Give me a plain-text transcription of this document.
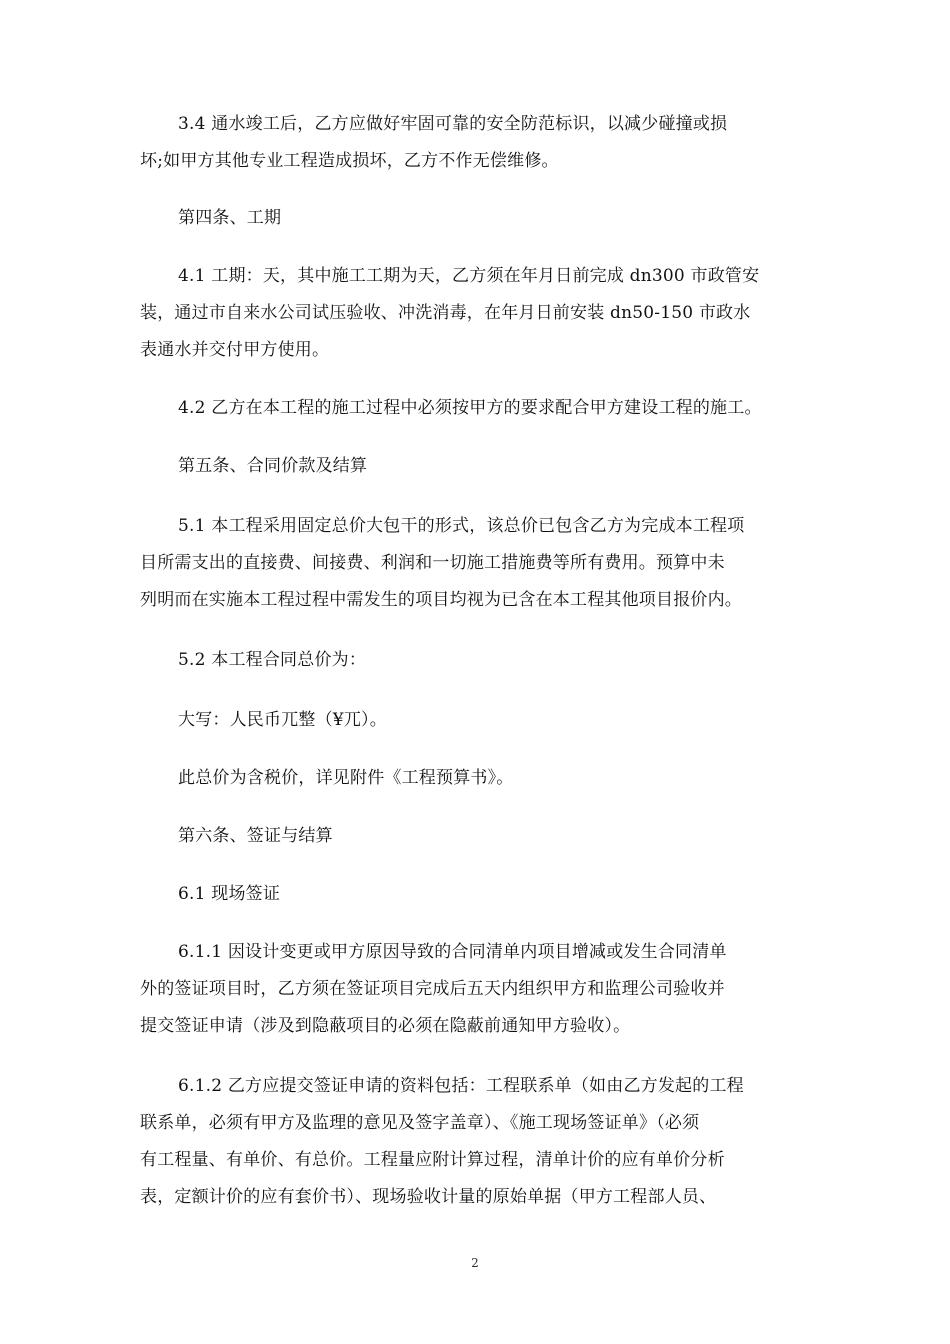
3.4 通水竣工后，乙方应做好牢固可靠的安全防范标识，以减少碰撞或损
坏;如甲方其他专业工程造成损坏，乙方不作无偿维修。
第四条、工期
4.1 工期：天，其中施工工期为天，乙方须在年月日前完成 dn300 市政管安
装，通过市自来水公司试压验收、冲洗消毒，在年月日前安装 dn50-150 市政水
表通水并交付甲方使用。
4.2 乙方在本工程的施工过程中必须按甲方的要求配合甲方建设工程的施工。
第五条、合同价款及结算
5.1 本工程采用固定总价大包干的形式，该总价已包含乙方为完成本工程项
目所需支出的直接费、间接费、利润和一切施工措施费等所有费用。预算中未
列明而在实施本工程过程中需发生的项目均视为已含在本工程其他项目报价内。
5.2 本工程合同总价为：
大写：人民币兀整（¥兀）。
此总价为含税价，详见附件《工程预算书》。
第六条、签证与结算
6.1 现场签证
6.1.1 因设计变更或甲方原因导致的合同清单内项目增减或发生合同清单
外的签证项目时，乙方须在签证项目完成后五天内组织甲方和监理公司验收并
提交签证申请（涉及到隐蔽项目的必须在隐蔽前通知甲方验收）。
6.1.2 乙方应提交签证申请的资料包括：工程联系单（如由乙方发起的工程
联系单，必须有甲方及监理的意见及签字盖章）、《施工现场签证单》（必须
有工程量、有单价、有总价。工程量应附计算过程，清单计价的应有单价分析
表，定额计价的应有套价书）、现场验收计量的原始单据（甲方工程部人员、
2
